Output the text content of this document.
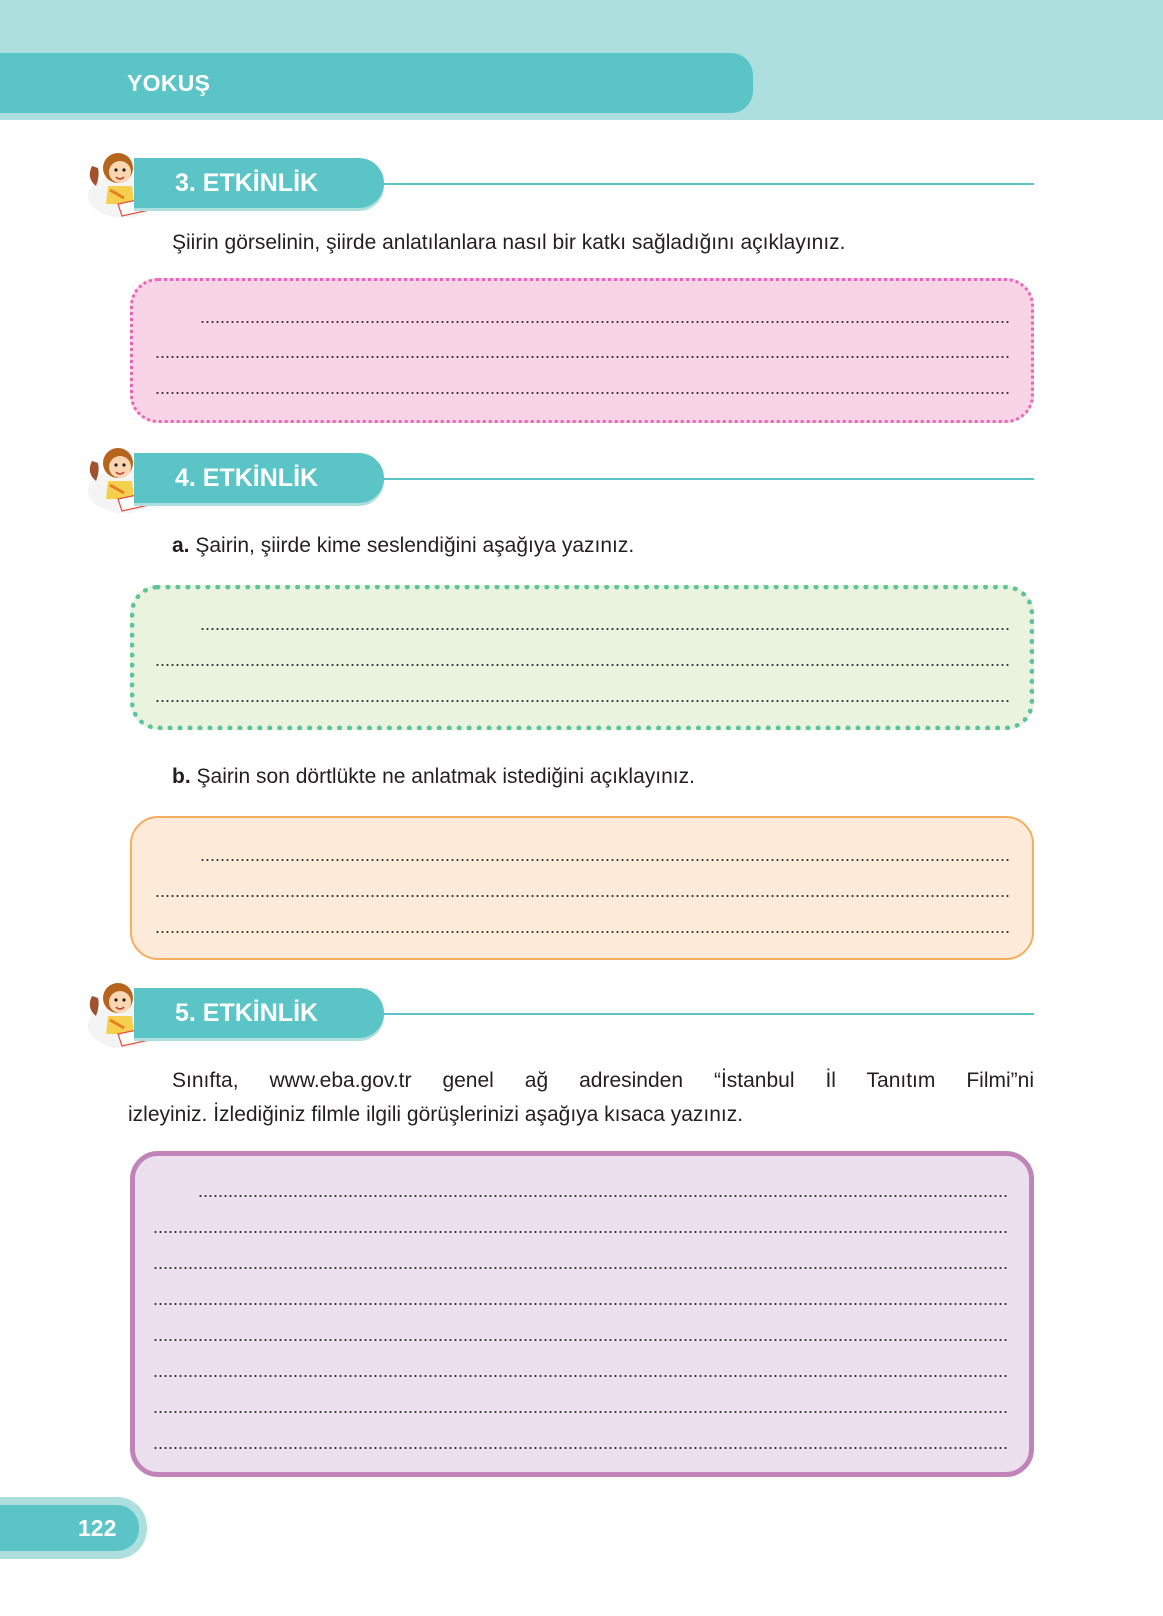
YOKUŞ
3. ETKİNLİK
Şiirin görselinin, şiirde anlatılanlara nasıl bir katkı sağladığını açıklayınız.
4. ETKİNLİK
a. Şairin, şiirde kime seslendiğini aşağıya yazınız.
b. Şairin son dörtlükte ne anlatmak istediğini açıklayınız.
5. ETKİNLİK
Sınıfta, www.eba.gov.tr genel ağ adresinden “İstanbul İl Tanıtım Filmi”ni
izleyiniz. İzlediğiniz filmle ilgili görüşlerinizi aşağıya kısaca yazınız.
122
